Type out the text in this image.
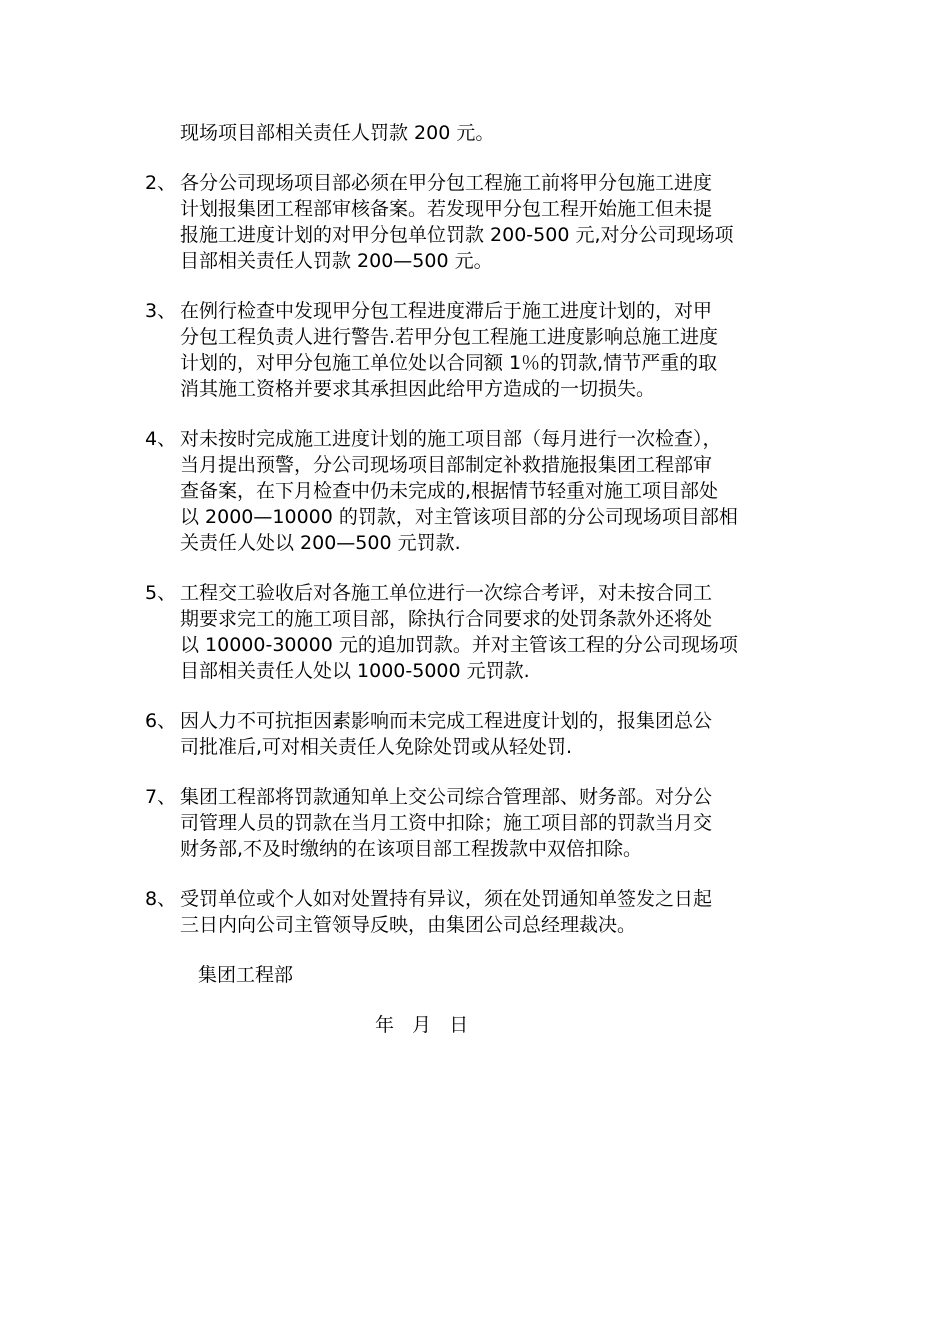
现场项目部相关责任人罚款 200 元。
2、 各分公司现场项目部必须在甲分包工程施工前将甲分包施工进度
计划报集团工程部审核备案。若发现甲分包工程开始施工但未提
报施工进度计划的对甲分包单位罚款 200-500 元,对分公司现场项
目部相关责任人罚款 200—500 元。
3、 在例行检查中发现甲分包工程进度滞后于施工进度计划的，对甲
分包工程负责人进行警告.若甲分包工程施工进度影响总施工进度
计划的，对甲分包施工单位处以合同额 1％的罚款,情节严重的取
消其施工资格并要求其承担因此给甲方造成的一切损失。
4、 对未按时完成施工进度计划的施工项目部（每月进行一次检查），
当月提出预警，分公司现场项目部制定补救措施报集团工程部审
查备案，在下月检查中仍未完成的,根据情节轻重对施工项目部处
以 2000—10000 的罚款，对主管该项目部的分公司现场项目部相
关责任人处以 200—500 元罚款.
5、 工程交工验收后对各施工单位进行一次综合考评，对未按合同工
期要求完工的施工项目部，除执行合同要求的处罚条款外还将处
以 10000-30000 元的追加罚款。并对主管该工程的分公司现场项
目部相关责任人处以 1000-5000 元罚款.
6、 因人力不可抗拒因素影响而未完成工程进度计划的，报集团总公
司批准后,可对相关责任人免除处罚或从轻处罚.
7、 集团工程部将罚款通知单上交公司综合管理部、财务部。对分公
司管理人员的罚款在当月工资中扣除；施工项目部的罚款当月交
财务部,不及时缴纳的在该项目部工程拨款中双倍扣除。
8、 受罚单位或个人如对处置持有异议，须在处罚通知单签发之日起
三日内向公司主管领导反映，由集团公司总经理裁决。
集团工程部
年   月   日
